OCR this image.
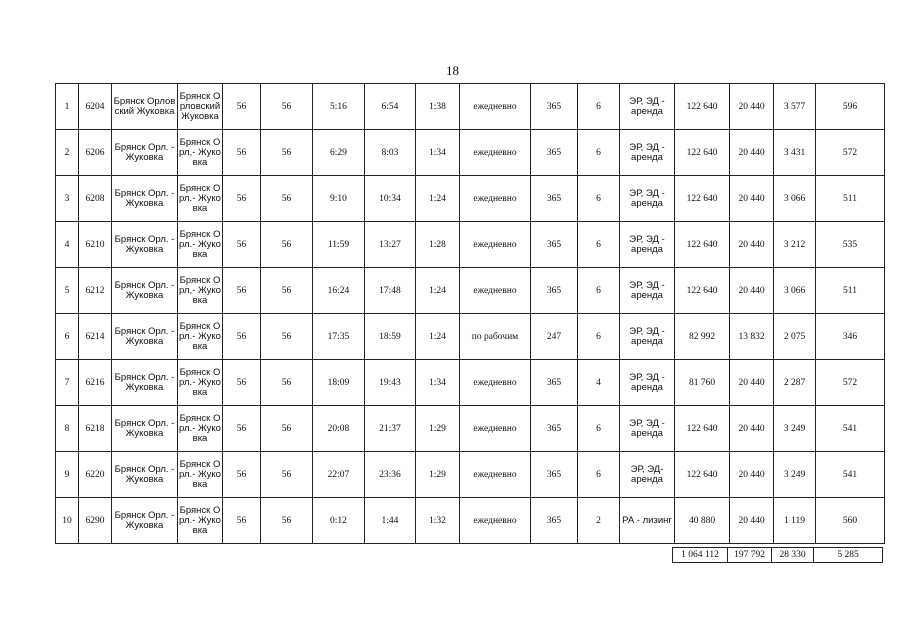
18
1	6204	Брянск Орловский Жуковка	Брянск Орловский Жуковка	56	56	5:16	6:54	1:38	ежедневно	365	6	ЭР, ЭД - аренда	122 640	20 440	3 577	596
2	6206	Брянск Орл. - Жуковка	Брянск Орл,- Жуковка	56	56	6:29	8:03	1:34	ежедневно	365	6	ЭР, ЭД - аренда	122 640	20 440	3 431	572
3	6208	Брянск Орл. - Жуковка	Брянск Орл.- Жуковка	56	56	9:10	10:34	1:24	ежедневно	365	6	ЭР, ЭД - аренда	122 640	20 440	3 066	511
4	6210	Брянск Орл. - Жуковка	Брянск Орл.- Жуковка	56	56	11:59	13:27	1:28	ежедневно	365	6	ЭР, ЭД - аренда	122 640	20 440	3 212	535
5	6212	Брянск Орл. - Жуковка	Брянск Орл,- Жуковка	56	56	16:24	17:48	1:24	ежедневно	365	6	ЭР, ЭД - аренда	122 640	20 440	3 066	511
6	6214	Брянск Орл. - Жуковка	Брянск Орл.- Жуковка	56	56	17:35	18:59	1:24	по рабочим	247	6	ЭР, ЭД - аренда	82 992	13 832	2 075	346
7	6216	Брянск Орл. - Жуковка	Брянск Орл.- Жуковка	56	56	18:09	19:43	1:34	ежедневно	365	4	ЭР, ЭД - аренда	81 760	20 440	2 287	572
8	6218	Брянск Орл. - Жуковка	Брянск Орл.- Жуковка	56	56	20:08	21:37	1:29	ежедневно	365	6	ЭР, ЭД - аренда	122 640	20 440	3 249	541
9	6220	Брянск Орл. - Жуковка	Брянск Орл.- Жуковка	56	56	22:07	23:36	1:29	ежедневно	365	6	ЭР, ЭД- аренда	122 640	20 440	3 249	541
10	6290	Брянск Орл. - Жуковка	Брянск Орл.- Жуковка	56	56	0:12	1:44	1:32	ежедневно	365	2	РА - лизинг	40 880	20 440	1 119	560
1 064 112	197 792	28 330	5 285
